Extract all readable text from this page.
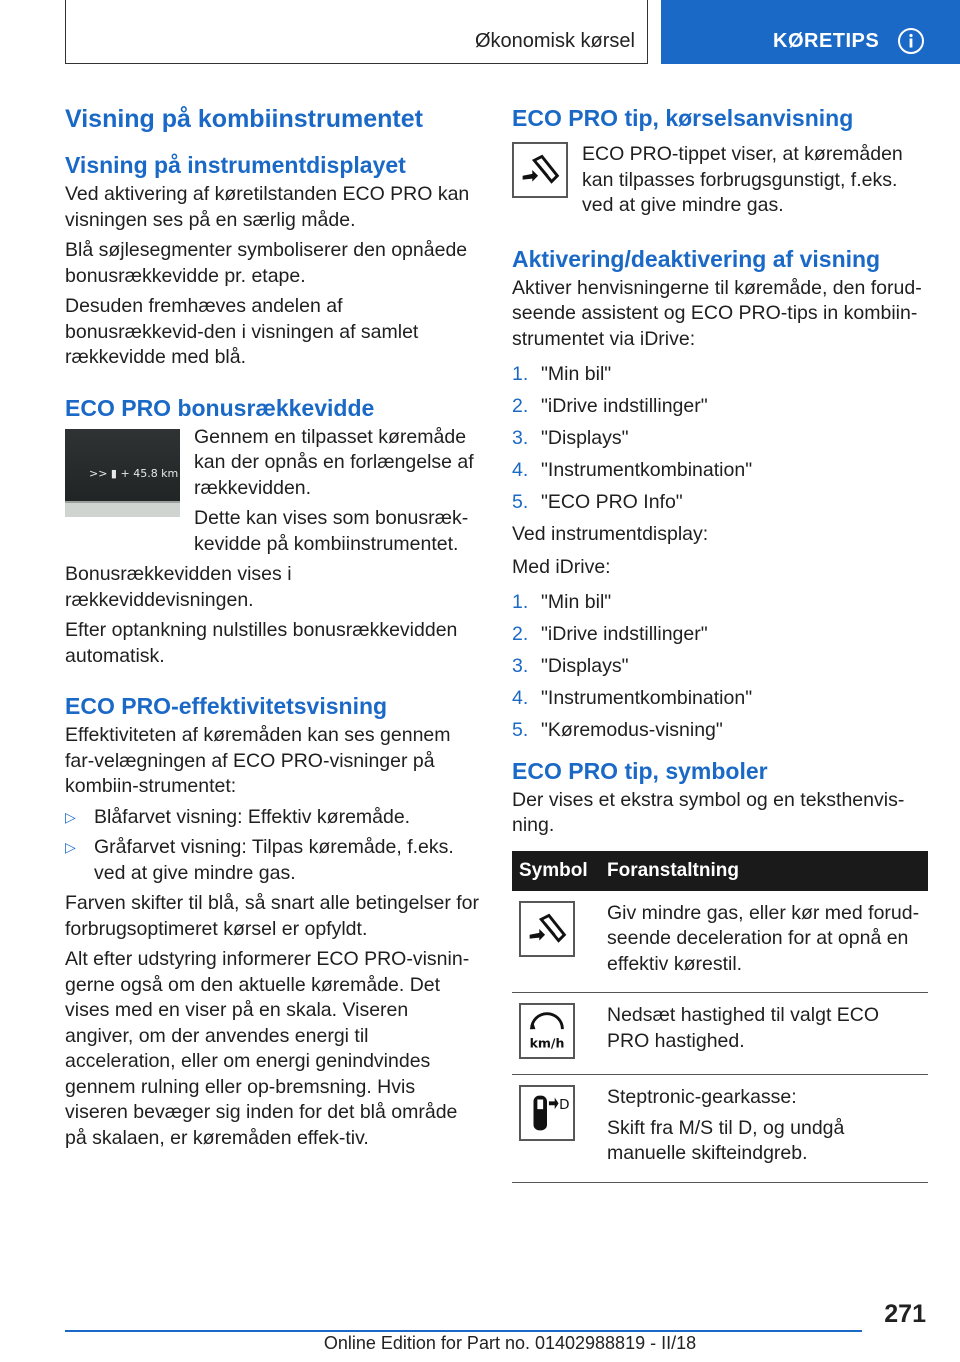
Økonomisk kørsel	KØRETIPS
Visning på kombiinstrumentet
Visning på instrumentdisplayet

Ved aktivering af køretilstanden ECO PRO kan visningen ses på en særlig måde.

Blå søjlesegmenter symboliserer den opnåede bonusrækkevidde pr. etape.

Desuden fremhæves andelen af bonusrækkevid-den i visningen af samlet rækkevidde med blå.

ECO PRO bonusrækkevidde
>> ▮ + 45.8 km

Gennem en tilpasset køremåde kan der opnås en forlængelse af rækkevidden.

Dette kan vises som bonusræk-kevidde på kombiinstrumentet.

Bonusrækkevidden vises i rækkeviddevisningen.

Efter optankning nulstilles bonusrækkevidden automatisk.

ECO PRO-effektivitetsvisning

Effektiviteten af køremåden kan ses gennem far-velægningen af ECO PRO-visninger på kombiin-strumentet:

▷ Blåfarvet visning: Effektiv køremåde.
▷ Gråfarvet visning: Tilpas køremåde, f.eks. ved at give mindre gas.

Farven skifter til blå, så snart alle betingelser for forbrugsoptimeret kørsel er opfyldt.

Alt efter udstyring informerer ECO PRO-visnin-gerne også om den aktuelle køremåde. Det vises med en viser på en skala. Viseren angiver, om der anvendes energi til acceleration, eller om energi genindvindes gennem rulning eller op-bremsning. Hvis viseren bevæger sig inden for det blå område på skalaen, er køremåden effek-tiv.

ECO PRO tip, kørselsanvisning

ECO PRO-tippet viser, at køremåden kan tilpasses forbrugsgunstigt, f.eks. ved at give mindre gas.

Aktivering/deaktivering af visning

Aktiver henvisningerne til køremåde, den forud-seende assistent og ECO PRO-tips in kombiin-strumentet via iDrive:

1. "Min bil"
2. "iDrive indstillinger"
3. "Displays"
4. "Instrumentkombination"
5. "ECO PRO Info"

Ved instrumentdisplay:

Med iDrive:

1. "Min bil"
2. "iDrive indstillinger"
3. "Displays"
4. "Instrumentkombination"
5. "Køremodus-visning"
ECO PRO tip, symboler

Der vises et ekstra symbol og en teksthenvis-ning.

Symbol	Foranstaltning

Giv mindre gas, eller kør med forud-seende deceleration for at opnå en effektiv kørestil.

km/h	Nedsæt hastighed til valgt ECO PRO hastighed.

D	Steptronic-gearkasse:

Skift fra M/S til D, og undgå manuelle skifteindgreb.

271
Online Edition for Part no. 01402988819 - II/18
